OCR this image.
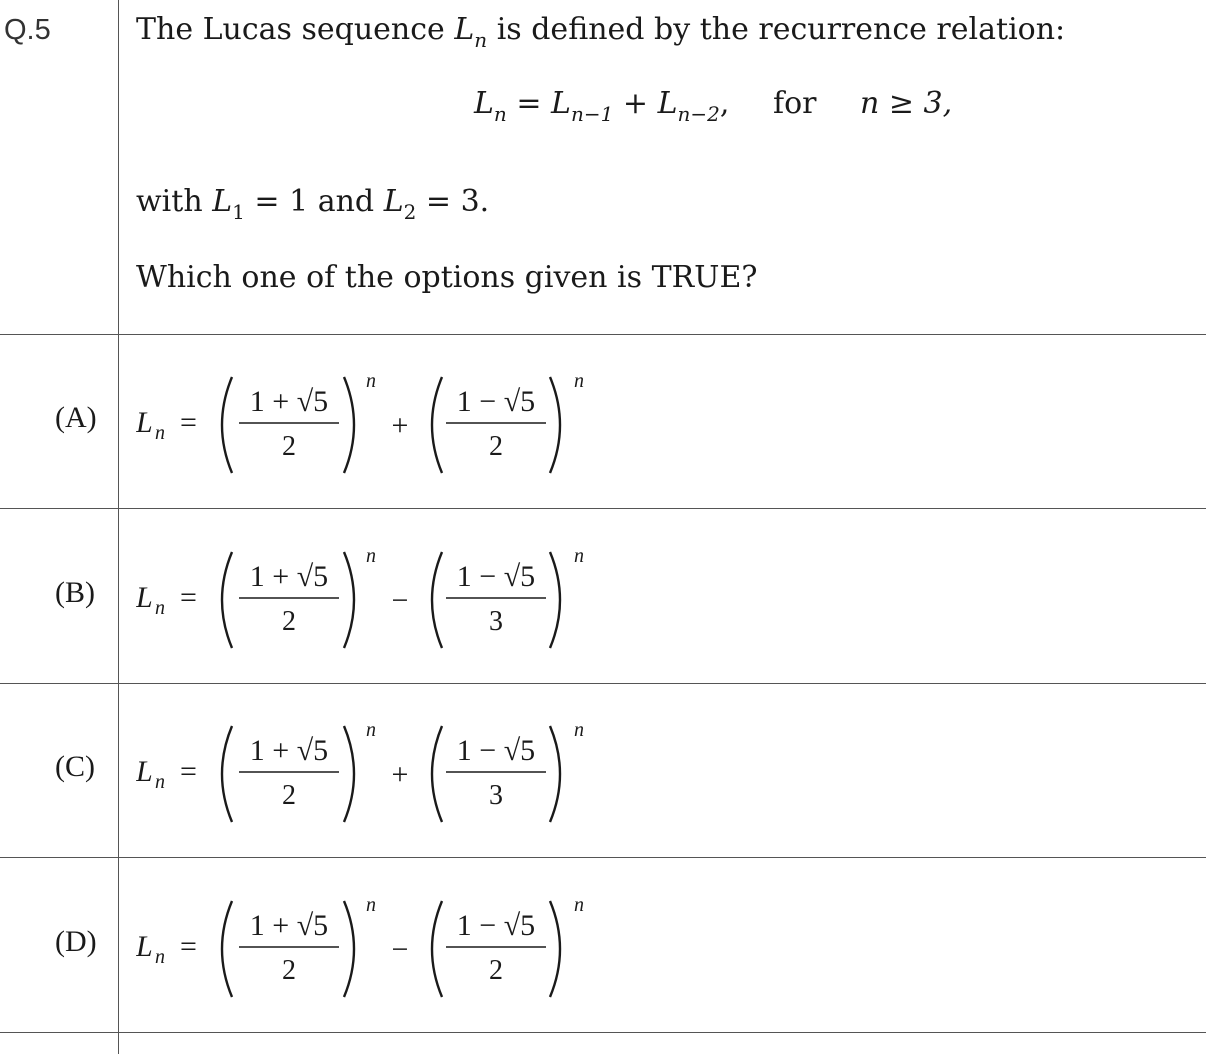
Q.5	The Lucas sequence $L_n$ is defined by the recurrence relation:
$L_n = L_{n-1} + L_{n-2}$, for n ≥ 3,
with $L_1 = 1$ and $L_2 = 3$.
Which one of the options given is TRUE?
(A) L n =
1 + √5
2
n
+
1 − √5
2
n
(B) L n =
1 + √5
2
n
−
1 − √5
3
n
(C) L n =
1 + √5
2
n
+
1 − √5
3
n
(D) L n =
1 + √5
2
n
−
1 − √5
2
n
